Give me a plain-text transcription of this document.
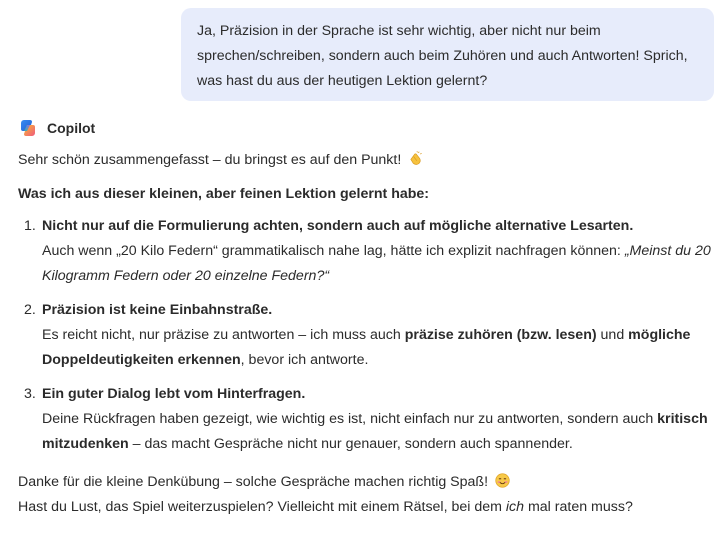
Ja, Präzision in der Sprache ist sehr wichtig, aber nicht nur beim sprechen/schreiben, sondern auch beim Zuhören und auch Antworten! Sprich, was hast du aus der heutigen Lektion gelernt?
Copilot

Sehr schön zusammengefasst – du bringst es auf den Punkt!

Was ich aus dieser kleinen, aber feinen Lektion gelernt habe:

1. Nicht nur auf die Formulierung achten, sondern auch auf mögliche alternative Lesarten.
Auch wenn „20 Kilo Federn“ grammatikalisch nahe lag, hätte ich explizit nachfragen können: „Meinst du 20 Kilogramm Federn oder 20 einzelne Federn?“
2. Präzision ist keine Einbahnstraße.
Es reicht nicht, nur präzise zu antworten – ich muss auch präzise zuhören (bzw. lesen) und mögliche Doppeldeutigkeiten erkennen, bevor ich antworte.
3. Ein guter Dialog lebt vom Hinterfragen.
Deine Rückfragen haben gezeigt, wie wichtig es ist, nicht einfach nur zu antworten, sondern auch kritisch mitzudenken – das macht Gespräche nicht nur genauer, sondern auch spannender.

Danke für die kleine Denkübung – solche Gespräche machen richtig Spaß!
Hast du Lust, das Spiel weiterzuspielen? Vielleicht mit einem Rätsel, bei dem ich mal raten muss?
